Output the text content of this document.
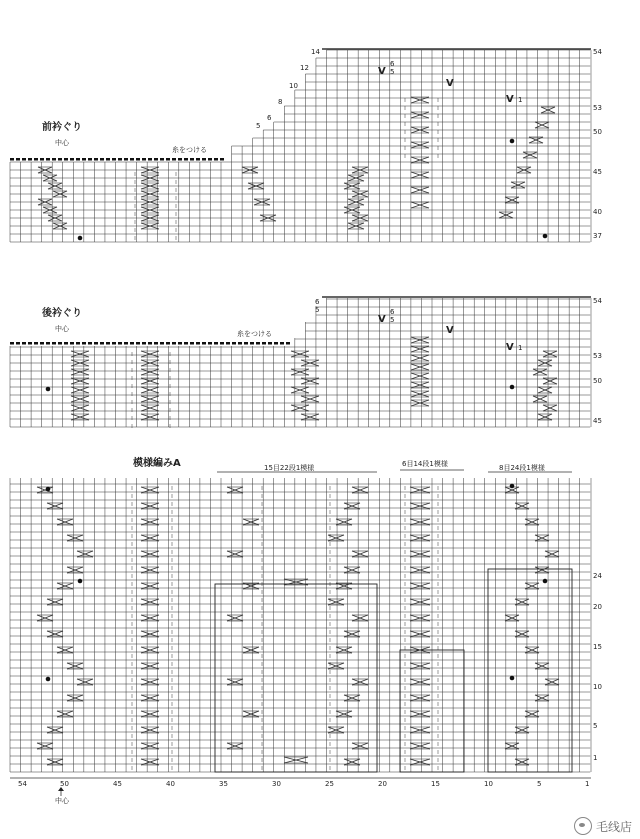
前衿ぐり
中心
糸をつける
54
53
50
45
40
37
14
12
10
8
6
5
V
6
5
V
V 1
後衿ぐり
中心
糸をつける
54
53
50
45
6
5
V
6
5
V
V 1
模様編みA	15目22段1模様	6目14段1模様	8目24段1模様
24
20
15
10
5
1
54	50	45	40	35	30	25	20	15	10	5	1
中心
毛线店
